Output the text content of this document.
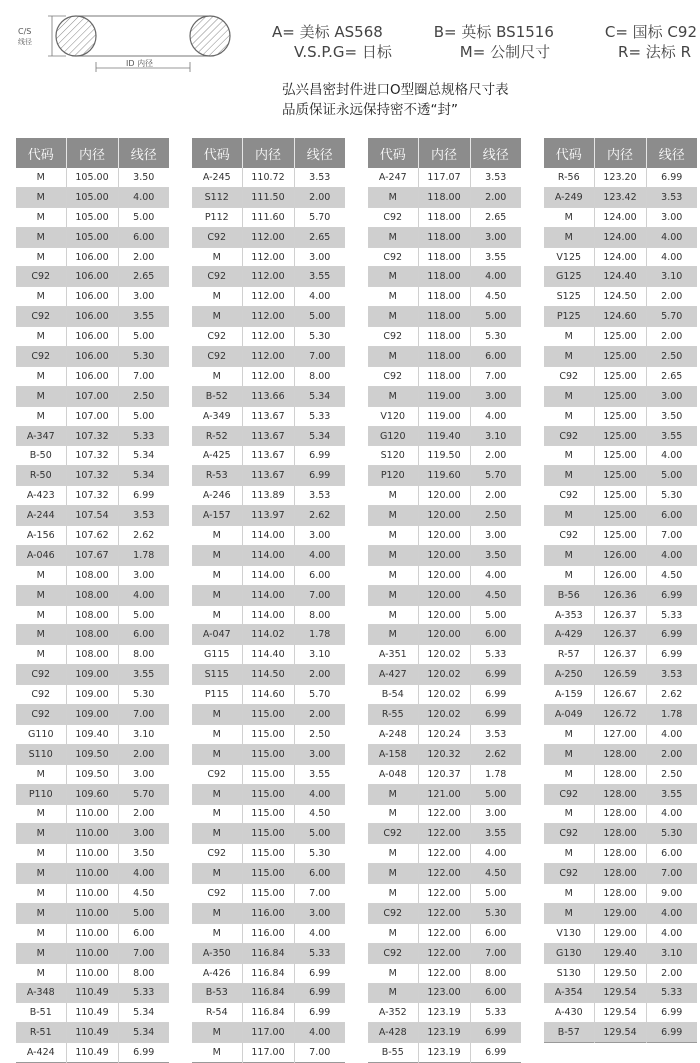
C/S
线径
ID 内径
A= 美标 AS568	B= 英标 BS1516	C= 国标 C92
V.S.P.G= 日标	M= 公制尺寸	R= 法标 R
弘兴昌密封件进口O型圈总规格尺寸表
品质保证永远保持密不透“封”
代码	内径	线径
M	105.00	3.50
M	105.00	4.00
M	105.00	5.00
M	105.00	6.00
M	106.00	2.00
C92	106.00	2.65
M	106.00	3.00
C92	106.00	3.55
M	106.00	5.00
C92	106.00	5.30
M	106.00	7.00
M	107.00	2.50
M	107.00	5.00
A-347	107.32	5.33
B-50	107.32	5.34
R-50	107.32	5.34
A-423	107.32	6.99
A-244	107.54	3.53
A-156	107.62	2.62
A-046	107.67	1.78
M	108.00	3.00
M	108.00	4.00
M	108.00	5.00
M	108.00	6.00
M	108.00	8.00
C92	109.00	3.55
C92	109.00	5.30
C92	109.00	7.00
G110	109.40	3.10
S110	109.50	2.00
M	109.50	3.00
P110	109.60	5.70
M	110.00	2.00
M	110.00	3.00
M	110.00	3.50
M	110.00	4.00
M	110.00	4.50
M	110.00	5.00
M	110.00	6.00
M	110.00	7.00
M	110.00	8.00
A-348	110.49	5.33
B-51	110.49	5.34
R-51	110.49	5.34
A-424	110.49	6.99
代码	内径	线径
A-245	110.72	3.53
S112	111.50	2.00
P112	111.60	5.70
C92	112.00	2.65
M	112.00	3.00
C92	112.00	3.55
M	112.00	4.00
M	112.00	5.00
C92	112.00	5.30
C92	112.00	7.00
M	112.00	8.00
B-52	113.66	5.34
A-349	113.67	5.33
R-52	113.67	5.34
A-425	113.67	6.99
R-53	113.67	6.99
A-246	113.89	3.53
A-157	113.97	2.62
M	114.00	3.00
M	114.00	4.00
M	114.00	6.00
M	114.00	7.00
M	114.00	8.00
A-047	114.02	1.78
G115	114.40	3.10
S115	114.50	2.00
P115	114.60	5.70
M	115.00	2.00
M	115.00	2.50
M	115.00	3.00
C92	115.00	3.55
M	115.00	4.00
M	115.00	4.50
M	115.00	5.00
C92	115.00	5.30
M	115.00	6.00
C92	115.00	7.00
M	116.00	3.00
M	116.00	4.00
A-350	116.84	5.33
A-426	116.84	6.99
B-53	116.84	6.99
R-54	116.84	6.99
M	117.00	4.00
M	117.00	7.00
代码	内径	线径
A-247	117.07	3.53
M	118.00	2.00
C92	118.00	2.65
M	118.00	3.00
C92	118.00	3.55
M	118.00	4.00
M	118.00	4.50
M	118.00	5.00
C92	118.00	5.30
M	118.00	6.00
C92	118.00	7.00
M	119.00	3.00
V120	119.00	4.00
G120	119.40	3.10
S120	119.50	2.00
P120	119.60	5.70
M	120.00	2.00
M	120.00	2.50
M	120.00	3.00
M	120.00	3.50
M	120.00	4.00
M	120.00	4.50
M	120.00	5.00
M	120.00	6.00
A-351	120.02	5.33
A-427	120.02	6.99
B-54	120.02	6.99
R-55	120.02	6.99
A-248	120.24	3.53
A-158	120.32	2.62
A-048	120.37	1.78
M	121.00	5.00
M	122.00	3.00
C92	122.00	3.55
M	122.00	4.00
M	122.00	4.50
M	122.00	5.00
C92	122.00	5.30
M	122.00	6.00
C92	122.00	7.00
M	122.00	8.00
M	123.00	6.00
A-352	123.19	5.33
A-428	123.19	6.99
B-55	123.19	6.99
代码	内径	线径
R-56	123.20	6.99
A-249	123.42	3.53
M	124.00	3.00
M	124.00	4.00
V125	124.00	4.00
G125	124.40	3.10
S125	124.50	2.00
P125	124.60	5.70
M	125.00	2.00
M	125.00	2.50
C92	125.00	2.65
M	125.00	3.00
M	125.00	3.50
C92	125.00	3.55
M	125.00	4.00
M	125.00	5.00
C92	125.00	5.30
M	125.00	6.00
C92	125.00	7.00
M	126.00	4.00
M	126.00	4.50
B-56	126.36	6.99
A-353	126.37	5.33
A-429	126.37	6.99
R-57	126.37	6.99
A-250	126.59	3.53
A-159	126.67	2.62
A-049	126.72	1.78
M	127.00	4.00
M	128.00	2.00
M	128.00	2.50
C92	128.00	3.55
M	128.00	4.00
C92	128.00	5.30
M	128.00	6.00
C92	128.00	7.00
M	128.00	9.00
M	129.00	4.00
V130	129.00	4.00
G130	129.40	3.10
S130	129.50	2.00
A-354	129.54	5.33
A-430	129.54	6.99
B-57	129.54	6.99
